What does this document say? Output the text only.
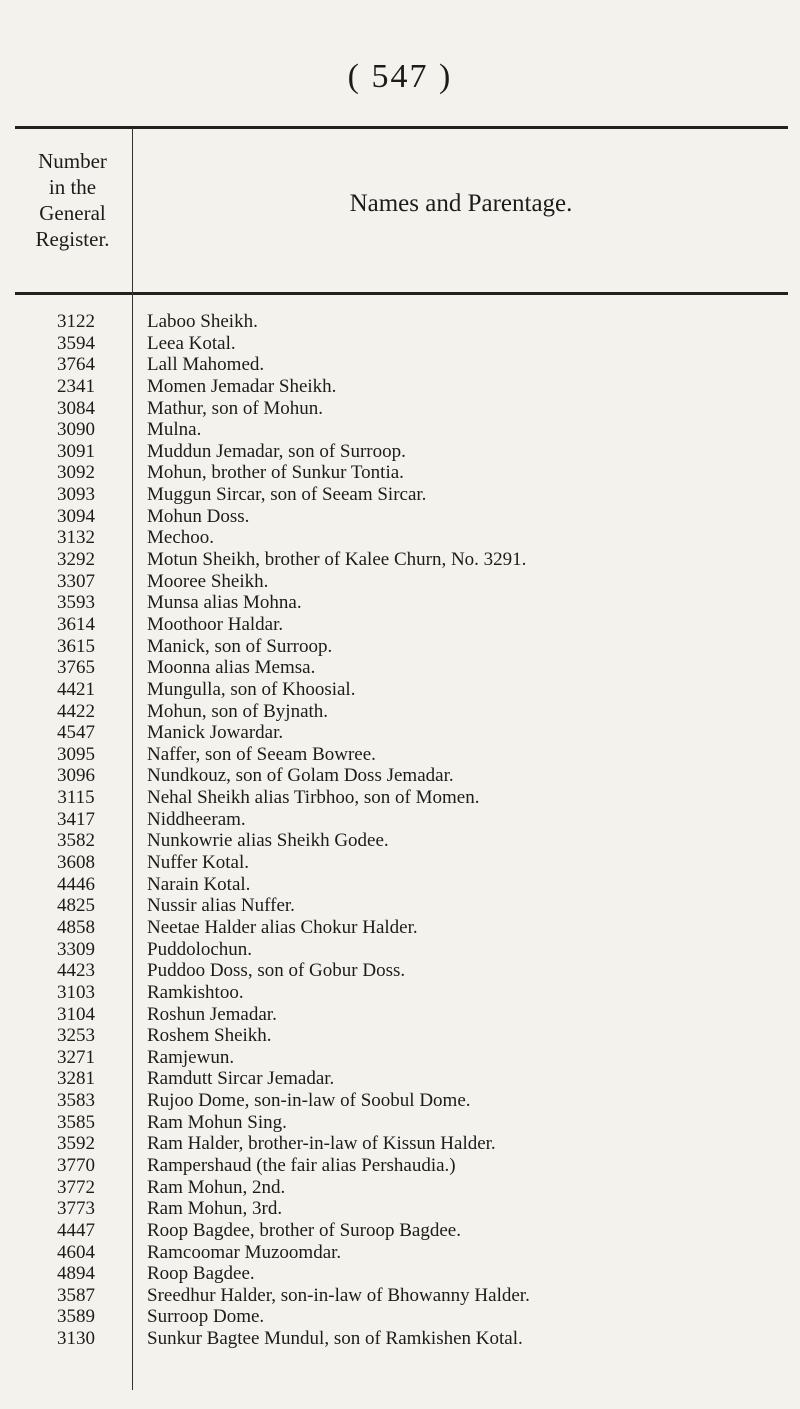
( 547 )
Number
in the
General
Register.
Names and Parentage.
3122	Laboo Sheikh.
3594	Leea Kotal.
3764	Lall Mahomed.
2341	Momen Jemadar Sheikh.
3084	Mathur, son of Mohun.
3090	Mulna.
3091	Muddun Jemadar, son of Surroop.
3092	Mohun, brother of Sunkur Tontia.
3093	Muggun Sircar, son of Seeam Sircar.
3094	Mohun Doss.
3132	Mechoo.
3292	Motun Sheikh, brother of Kalee Churn, No. 3291.
3307	Mooree Sheikh.
3593	Munsa alias Mohna.
3614	Moothoor Haldar.
3615	Manick, son of Surroop.
3765	Moonna alias Memsa.
4421	Mungulla, son of Khoosial.
4422	Mohun, son of Byjnath.
4547	Manick Jowardar.
3095	Naffer, son of Seeam Bowree.
3096	Nundkouz, son of Golam Doss Jemadar.
3115	Nehal Sheikh alias Tirbhoo, son of Momen.
3417	Niddheeram.
3582	Nunkowrie alias Sheikh Godee.
3608	Nuffer Kotal.
4446	Narain Kotal.
4825	Nussir alias Nuffer.
4858	Neetae Halder alias Chokur Halder.
3309	Puddolochun.
4423	Puddoo Doss, son of Gobur Doss.
3103	Ramkishtoo.
3104	Roshun Jemadar.
3253	Roshem Sheikh.
3271	Ramjewun.
3281	Ramdutt Sircar Jemadar.
3583	Rujoo Dome, son-in-law of Soobul Dome.
3585	Ram Mohun Sing.
3592	Ram Halder, brother-in-law of Kissun Halder.
3770	Rampershaud (the fair alias Pershaudia.)
3772	Ram Mohun, 2nd.
3773	Ram Mohun, 3rd.
4447	Roop Bagdee, brother of Suroop Bagdee.
4604	Ramcoomar Muzoomdar.
4894	Roop Bagdee.
3587	Sreedhur Halder, son-in-law of Bhowanny Halder.
3589	Surroop Dome.
3130	Sunkur Bagtee Mundul, son of Ramkishen Kotal.
